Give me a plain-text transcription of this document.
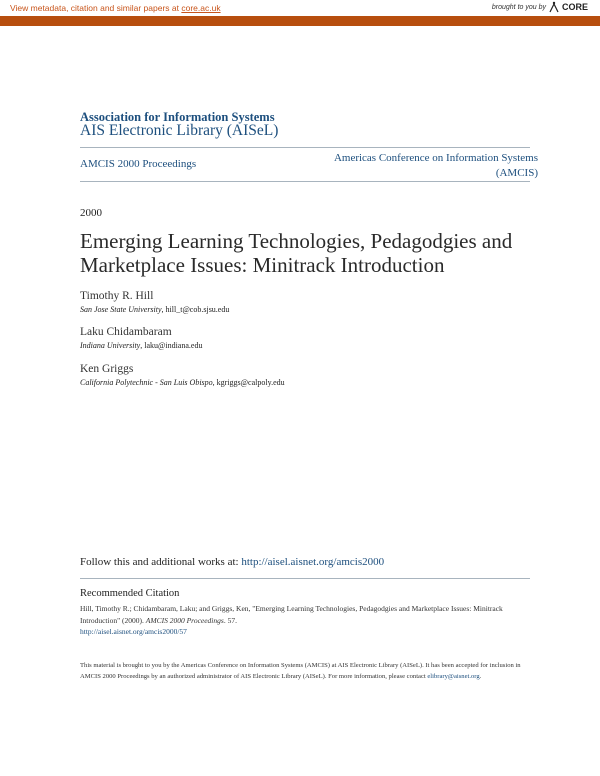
View metadata, citation and similar papers at core.ac.uk	brought to you by CORE
provided by AIS Electronic Library (AISeL)
Association for Information Systems
AIS Electronic Library (AISeL)
AMCIS 2000 Proceedings	Americas Conference on Information Systems
(AMCIS)
2000
Emerging Learning Technologies, Pedagodgies and Marketplace Issues: Minitrack Introduction
Timothy R. Hill
San Jose State University, hill_t@cob.sjsu.edu
Laku Chidambaram
Indiana University, laku@indiana.edu
Ken Griggs
California Polytechnic - San Luis Obispo, kgriggs@calpoly.edu
Follow this and additional works at: http://aisel.aisnet.org/amcis2000
Recommended Citation
Hill, Timothy R.; Chidambaram, Laku; and Griggs, Ken, "Emerging Learning Technologies, Pedagodgies and Marketplace Issues: Minitrack Introduction" (2000). AMCIS 2000 Proceedings. 57.
http://aisel.aisnet.org/amcis2000/57
This material is brought to you by the Americas Conference on Information Systems (AMCIS) at AIS Electronic Library (AISeL). It has been accepted for inclusion in AMCIS 2000 Proceedings by an authorized administrator of AIS Electronic Library (AISeL). For more information, please contact elibrary@aisnet.org.
